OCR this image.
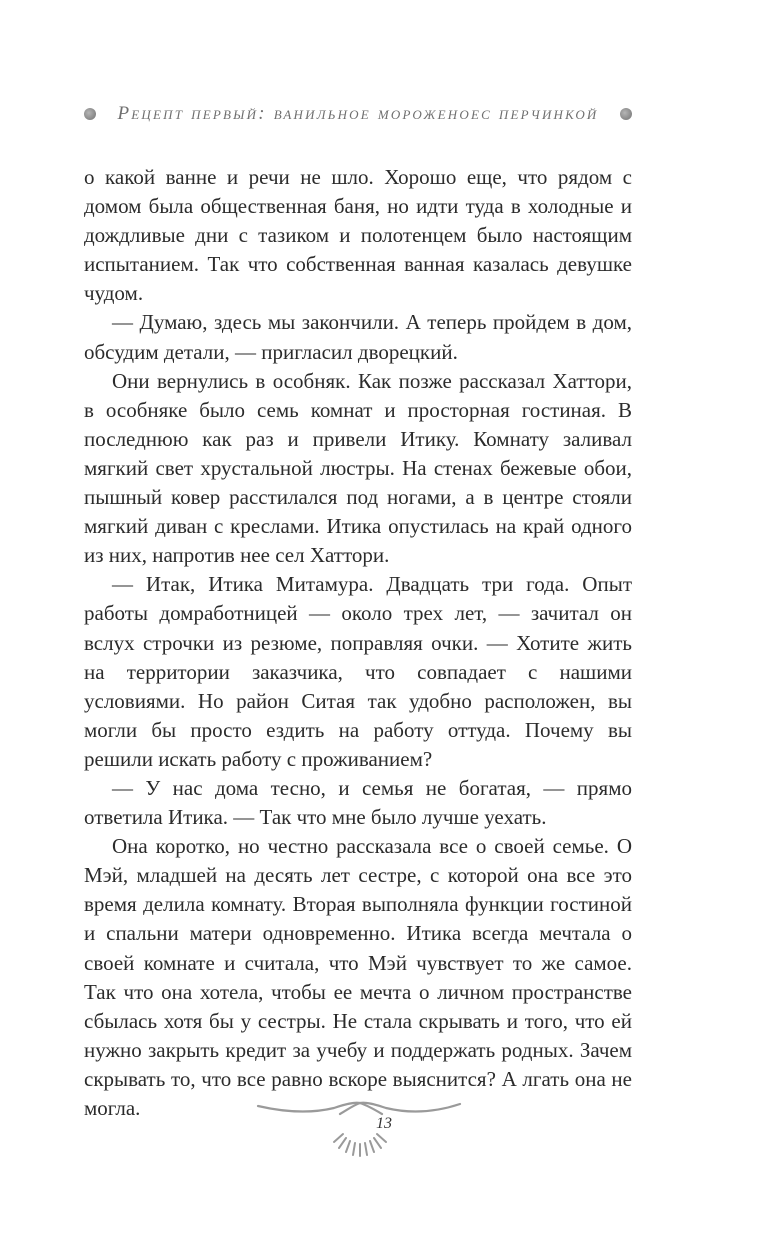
Рецепт первый: ванильное мороженоес перчинкой

о какой ванне и речи не шло. Хорошо еще, что рядом с домом была общественная баня, но идти туда в холодные и дождливые дни с тазиком и полотенцем было настоящим испытанием. Так что собственная ванная казалась девушке чудом.

— Думаю, здесь мы закончили. А теперь пройдем в дом, обсудим детали, — пригласил дворецкий.

Они вернулись в особняк. Как позже рассказал Хаттори, в особняке было семь комнат и просторная гостиная. В последнюю как раз и привели Итику. Комнату заливал мягкий свет хрустальной люстры. На стенах бежевые обои, пышный ковер расстилался под ногами, а в центре стояли мягкий диван с креслами. Итика опустилась на край одного из них, напротив нее сел Хаттори.

— Итак, Итика Митамура. Двадцать три года. Опыт работы домработницей — около трех лет, — зачитал он вслух строчки из резюме, поправляя очки. — Хотите жить на территории заказчика, что совпадает с нашими условиями. Но район Ситая так удобно расположен, вы могли бы просто ездить на работу оттуда. Почему вы решили искать работу с проживанием?

— У нас дома тесно, и семья не богатая, — прямо ответила Итика. — Так что мне было лучше уехать.

Она коротко, но честно рассказала все о своей семье. О Мэй, младшей на десять лет сестре, с которой она все это время делила комнату. Вторая выполняла функции гостиной и спальни матери одновременно. Итика всегда мечтала о своей комнате и считала, что Мэй чувствует то же самое. Так что она хотела, чтобы ее мечта о личном пространстве сбылась хотя бы у сестры. Не стала скрывать и того, что ей нужно закрыть кредит за учебу и поддержать родных. Зачем скрывать то, что все равно вскоре выяснится? А лгать она не могла.

13
